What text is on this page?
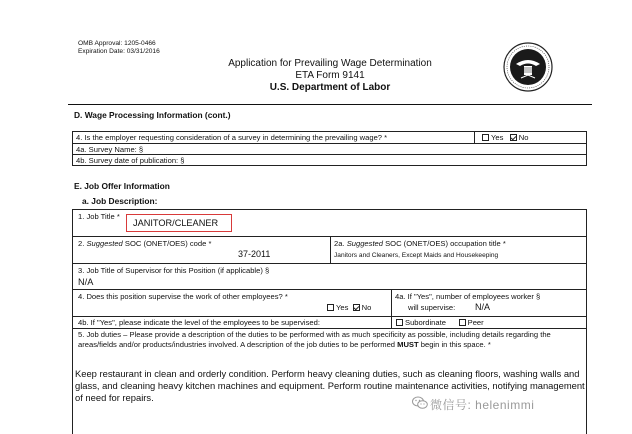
OMB Approval: 1205-0466
Expiration Date: 03/31/2016
Application for Prevailing Wage Determination
ETA Form 9141
U.S. Department of Labor
D. Wage Processing Information (cont.)
4. Is the employer requesting consideration of a survey in determining the prevailing wage? *	Yes No
4a. Survey Name: §
4b. Survey date of publication: §
E. Job Offer Information
a. Job Description:
1. Job Title *
JANITOR/CLEANER
2. Suggested SOC (ONET/OES) code *
37-2011
2a. Suggested SOC (ONET/OES) occupation title *
Janitors and Cleaners, Except Maids and Housekeeping
3. Job Title of Supervisor for this Position (if applicable) §
N/A
4. Does this position supervise the work of other employees? *
Yes No
4a. If "Yes", number of employees worker §
will supervise: N/A
4b. If "Yes", please indicate the level of the employees to be supervised:	Subordinate	Peer
5. Job duties – Please provide a description of the duties to be performed with as much specificity as possible, including details regarding the areas/fields and/or products/industries involved. A description of the job duties to be performed MUST begin in this space. *
Keep restaurant in clean and orderly condition. Perform heavy cleaning duties, such as cleaning floors, washing walls and glass, and cleaning heavy kitchen machines and equipment. Perform routine maintenance activities, notifying management of need for repairs.
微信号: helenimmi
